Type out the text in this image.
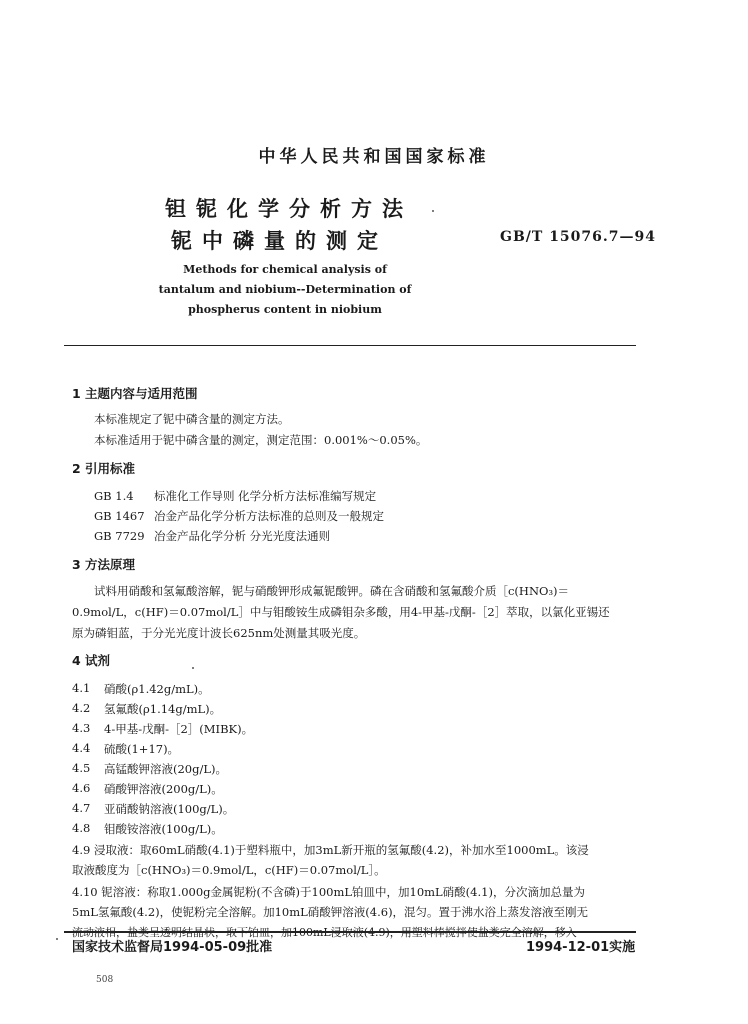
中华人民共和国国家标准
钽铌化学分析方法
铌中磷量的测定	GB/T 15076.7—94
Methods for chemical analysis of
tantalum and niobium--Determination of
phospherus content in niobium
1 主题内容与适用范围
本标准规定了铌中磷含量的测定方法。
本标准适用于铌中磷含量的测定，测定范围：0.001%～0.05%。
2 引用标准
GB 1.4 标准化工作导则 化学分析方法标准编写规定
GB 1467 冶金产品化学分析方法标准的总则及一般规定
GB 7729 冶金产品化学分析 分光光度法通则
3 方法原理
试料用硝酸和氢氟酸溶解，铌与硝酸钾形成氟铌酸钾。磷在含硝酸和氢氟酸介质［c(HNO₃)＝
0.9mol/L，c(HF)＝0.07mol/L］中与钼酸铵生成磷钼杂多酸，用4-甲基-戊酮-［2］萃取，以氯化亚锡还
原为磷钼蓝，于分光光度计波长625nm处测量其吸光度。
4 试剂
4.1 硝酸(ρ1.42g/mL)。
4.2 氢氟酸(ρ1.14g/mL)。
4.3 4-甲基-戊酮-［2］(MIBK)。
4.4 硫酸(1+17)。
4.5 高锰酸钾溶液(20g/L)。
4.6 硝酸钾溶液(200g/L)。
4.7 亚硝酸钠溶液(100g/L)。
4.8 钼酸铵溶液(100g/L)。
4.9 浸取液：取60mL硝酸(4.1)于塑料瓶中，加3mL新开瓶的氢氟酸(4.2)，补加水至1000mL。该浸
取液酸度为［c(HNO₃)＝0.9mol/L，c(HF)＝0.07mol/L］。
4.10 铌溶液：称取1.000g金属铌粉(不含磷)于100mL铂皿中，加10mL硝酸(4.1)，分次滴加总量为
5mL氢氟酸(4.2)，使铌粉完全溶解。加10mL硝酸钾溶液(4.6)，混匀。置于沸水浴上蒸发溶液至刚无
流动液相，盐类呈透明结晶状，取下铂皿，加100mL浸取液(4.9)，用塑料棒搅拌使盐类完全溶解，移入
国家技术监督局1994-05-09批准	1994-12-01实施
508
